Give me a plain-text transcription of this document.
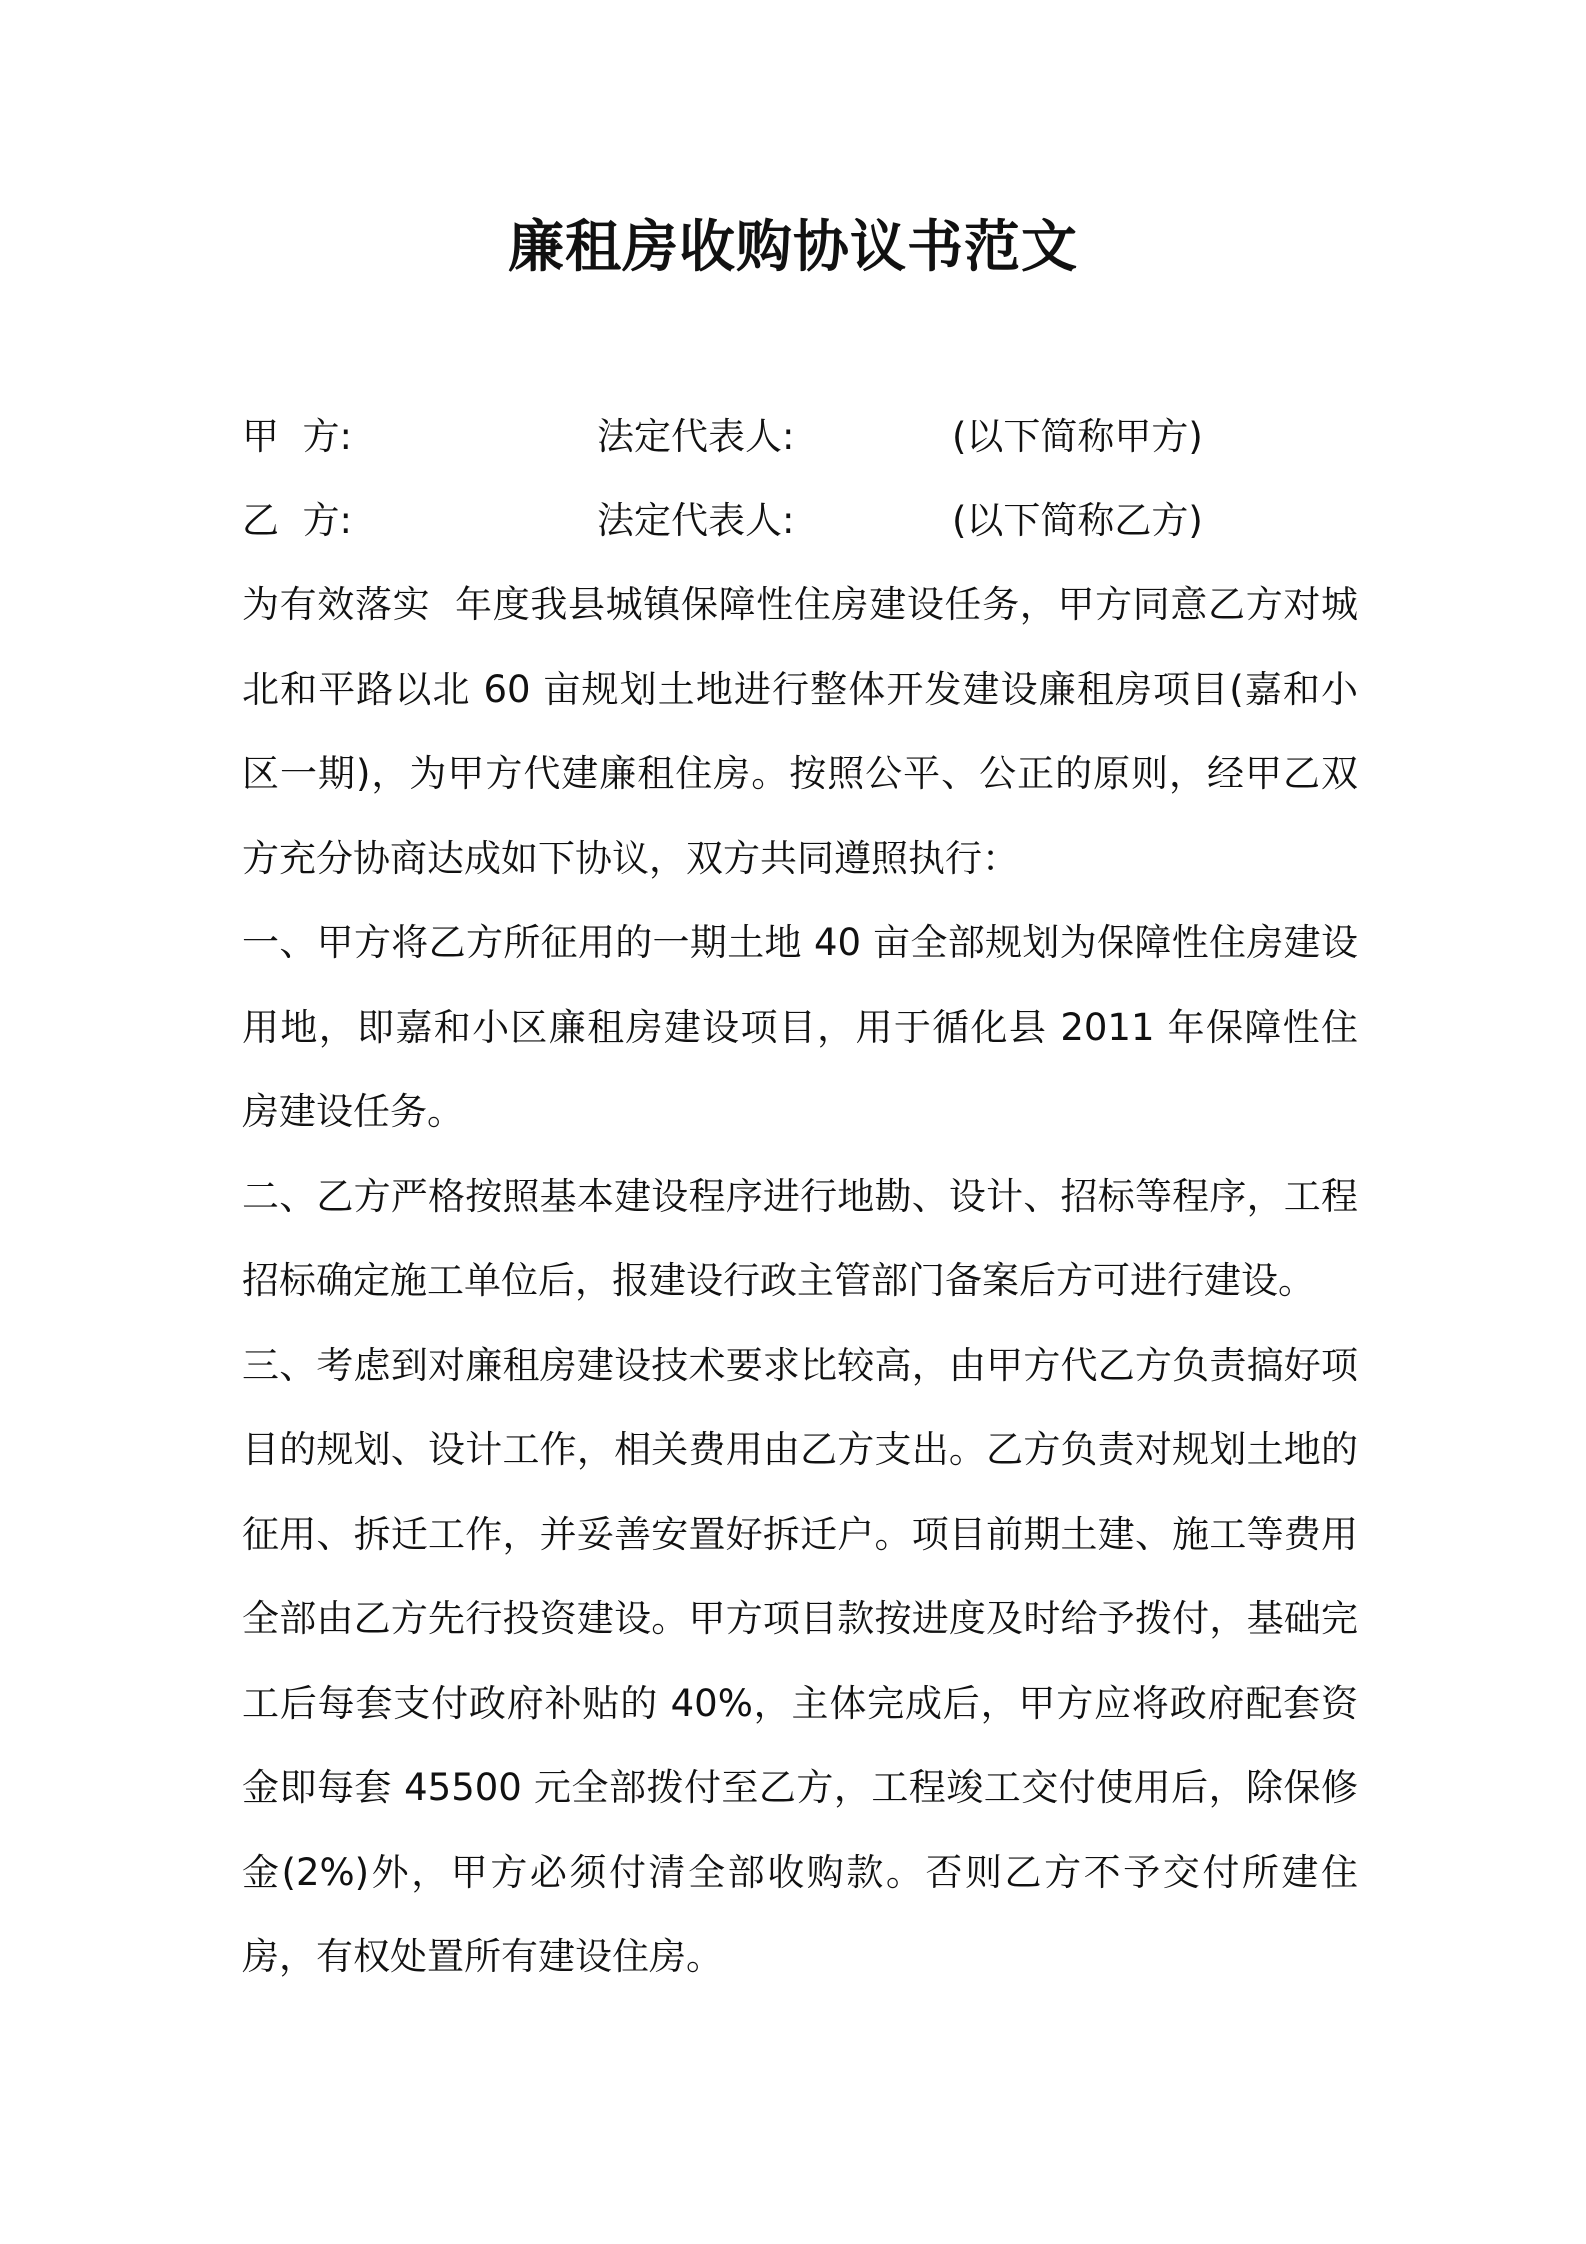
廉租房收购协议书范文
甲  方:	法定代表人:	(以下简称甲方)
乙  方:	法定代表人:	(以下简称乙方)

为有效落实  年度我县城镇保障性住房建设任务，甲方同意乙方对城北和平路以北 60 亩规划土地进行整体开发建设廉租房项目(嘉和小区一期)，为甲方代建廉租住房。按照公平、公正的原则，经甲乙双方充分协商达成如下协议，双方共同遵照执行：

一、甲方将乙方所征用的一期土地 40 亩全部规划为保障性住房建设用地，即嘉和小区廉租房建设项目，用于循化县 2011 年保障性住房建设任务。

二、乙方严格按照基本建设程序进行地勘、设计、招标等程序，工程招标确定施工单位后，报建设行政主管部门备案后方可进行建设。

三、考虑到对廉租房建设技术要求比较高，由甲方代乙方负责搞好项目的规划、设计工作，相关费用由乙方支出。乙方负责对规划土地的征用、拆迁工作，并妥善安置好拆迁户。项目前期土建、施工等费用全部由乙方先行投资建设。甲方项目款按进度及时给予拨付，基础完工后每套支付政府补贴的 40%，主体完成后，甲方应将政府配套资金即每套 45500 元全部拨付至乙方，工程竣工交付使用后，除保修金(2%)外，甲方必须付清全部收购款。否则乙方不予交付所建住房，有权处置所有建设住房。
